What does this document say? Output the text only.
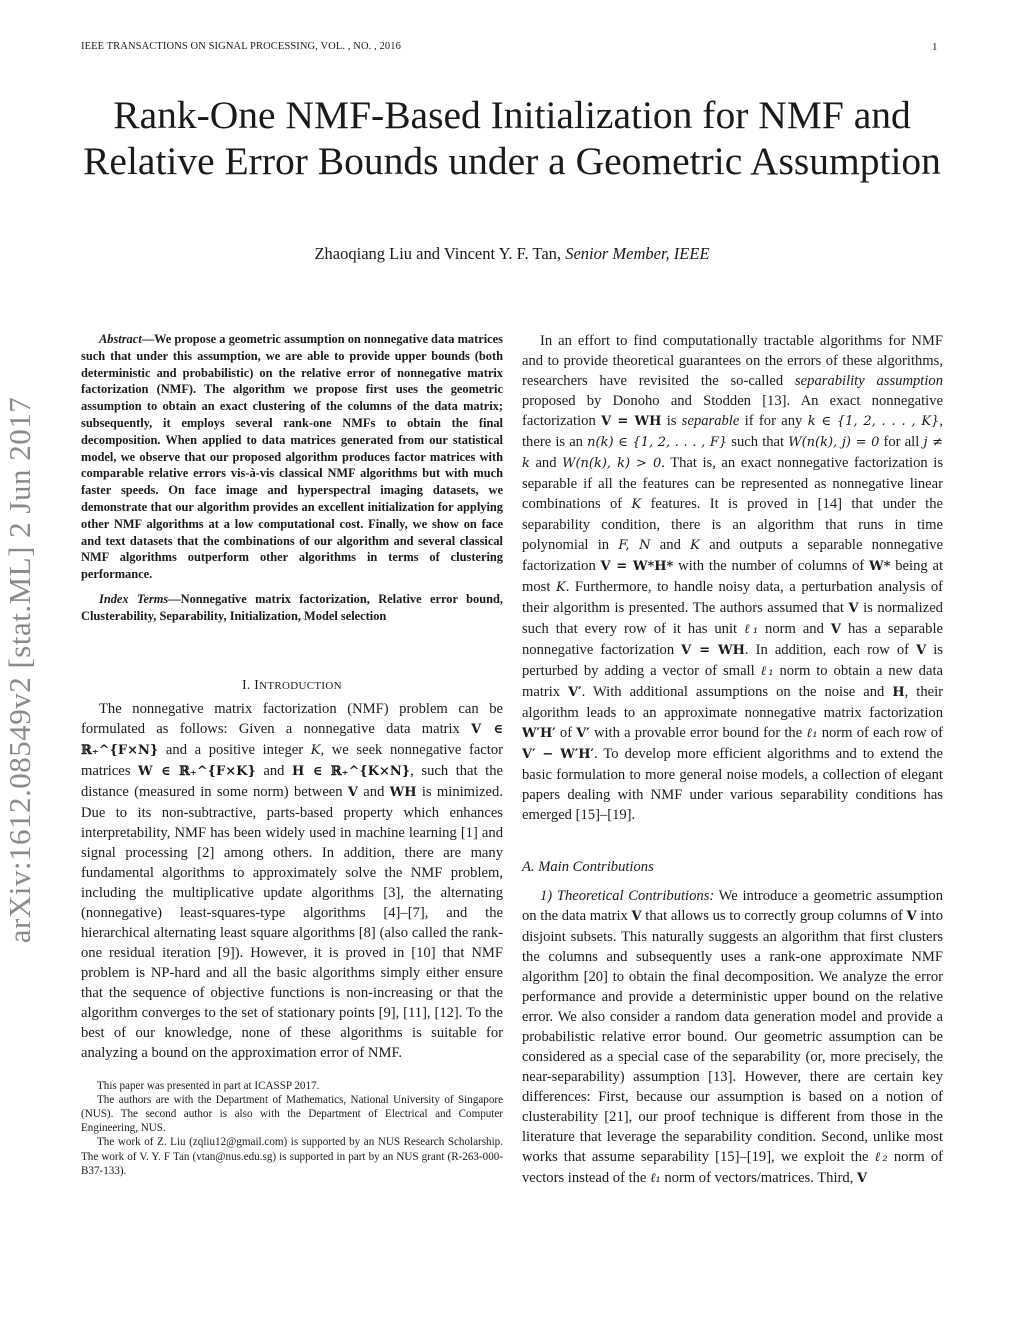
IEEE TRANSACTIONS ON SIGNAL PROCESSING, VOL. , NO. , 2016	1
arXiv:1612.08549v2 [stat.ML] 2 Jun 2017
Rank-One NMF-Based Initialization for NMF and Relative Error Bounds under a Geometric Assumption
Zhaoqiang Liu and Vincent Y. F. Tan, Senior Member, IEEE

Abstract—We propose a geometric assumption on nonnegative data matrices such that under this assumption, we are able to provide upper bounds (both deterministic and probabilistic) on the relative error of nonnegative matrix factorization (NMF). The algorithm we propose first uses the geometric assumption to obtain an exact clustering of the columns of the data matrix; subsequently, it employs several rank-one NMFs to obtain the final decomposition. When applied to data matrices generated from our statistical model, we observe that our proposed algorithm produces factor matrices with comparable relative errors vis-à-vis classical NMF algorithms but with much faster speeds. On face image and hyperspectral imaging datasets, we demonstrate that our algorithm provides an excellent initialization for applying other NMF algorithms at a low computational cost. Finally, we show on face and text datasets that the combinations of our algorithm and several classical NMF algorithms outperform other algorithms in terms of clustering performance.

Index Terms—Nonnegative matrix factorization, Relative error bound, Clusterability, Separability, Initialization, Model selection

I. INTRODUCTION

The nonnegative matrix factorization (NMF) problem can be formulated as follows: Given a nonnegative data matrix V ∈ ℝ₊^{F×N} and a positive integer K, we seek nonnegative factor matrices W ∈ ℝ₊^{F×K} and H ∈ ℝ₊^{K×N}, such that the distance (measured in some norm) between V and WH is minimized. Due to its non-subtractive, parts-based property which enhances interpretability, NMF has been widely used in machine learning [1] and signal processing [2] among others. In addition, there are many fundamental algorithms to approximately solve the NMF problem, including the multiplicative update algorithms [3], the alternating (nonnegative) least-squares-type algorithms [4]–[7], and the hierarchical alternating least square algorithms [8] (also called the rank-one residual iteration [9]). However, it is proved in [10] that NMF problem is NP-hard and all the basic algorithms simply either ensure that the sequence of objective functions is non-increasing or that the algorithm converges to the set of stationary points [9], [11], [12]. To the best of our knowledge, none of these algorithms is suitable for analyzing a bound on the approximation error of NMF.

This paper was presented in part at ICASSP 2017.

The authors are with the Department of Mathematics, National University of Singapore (NUS). The second author is also with the Department of Electrical and Computer Engineering, NUS.

The work of Z. Liu (zqliu12@gmail.com) is supported by an NUS Research Scholarship. The work of V. Y. F Tan (vtan@nus.edu.sg) is supported in part by an NUS grant (R-263-000-B37-133).

In an effort to find computationally tractable algorithms for NMF and to provide theoretical guarantees on the errors of these algorithms, researchers have revisited the so-called separability assumption proposed by Donoho and Stodden [13]. An exact nonnegative factorization V = WH is separable if for any k ∈ {1, 2, . . . , K}, there is an n(k) ∈ {1, 2, . . . , F} such that W(n(k), j) = 0 for all j ≠ k and W(n(k), k) > 0. That is, an exact nonnegative factorization is separable if all the features can be represented as nonnegative linear combinations of K features. It is proved in [14] that under the separability condition, there is an algorithm that runs in time polynomial in F, N and K and outputs a separable nonnegative factorization V = W*H* with the number of columns of W* being at most K. Furthermore, to handle noisy data, a perturbation analysis of their algorithm is presented. The authors assumed that V is normalized such that every row of it has unit ℓ₁ norm and V has a separable nonnegative factorization V = WH. In addition, each row of V is perturbed by adding a vector of small ℓ₁ norm to obtain a new data matrix V′. With additional assumptions on the noise and H, their algorithm leads to an approximate nonnegative matrix factorization W′H′ of V′ with a provable error bound for the ℓ₁ norm of each row of V′ − W′H′. To develop more efficient algorithms and to extend the basic formulation to more general noise models, a collection of elegant papers dealing with NMF under various separability conditions has emerged [15]–[19].

A. Main Contributions

1) Theoretical Contributions: We introduce a geometric assumption on the data matrix V that allows us to correctly group columns of V into disjoint subsets. This naturally suggests an algorithm that first clusters the columns and subsequently uses a rank-one approximate NMF algorithm [20] to obtain the final decomposition. We analyze the error performance and provide a deterministic upper bound on the relative error. We also consider a random data generation model and provide a probabilistic relative error bound. Our geometric assumption can be considered as a special case of the separability (or, more precisely, the near-separability) assumption [13]. However, there are certain key differences: First, because our assumption is based on a notion of clusterability [21], our proof technique is different from those in the literature that leverage the separability condition. Second, unlike most works that assume separability [15]–[19], we exploit the ℓ₂ norm of vectors instead of the ℓ₁ norm of vectors/matrices. Third, V
